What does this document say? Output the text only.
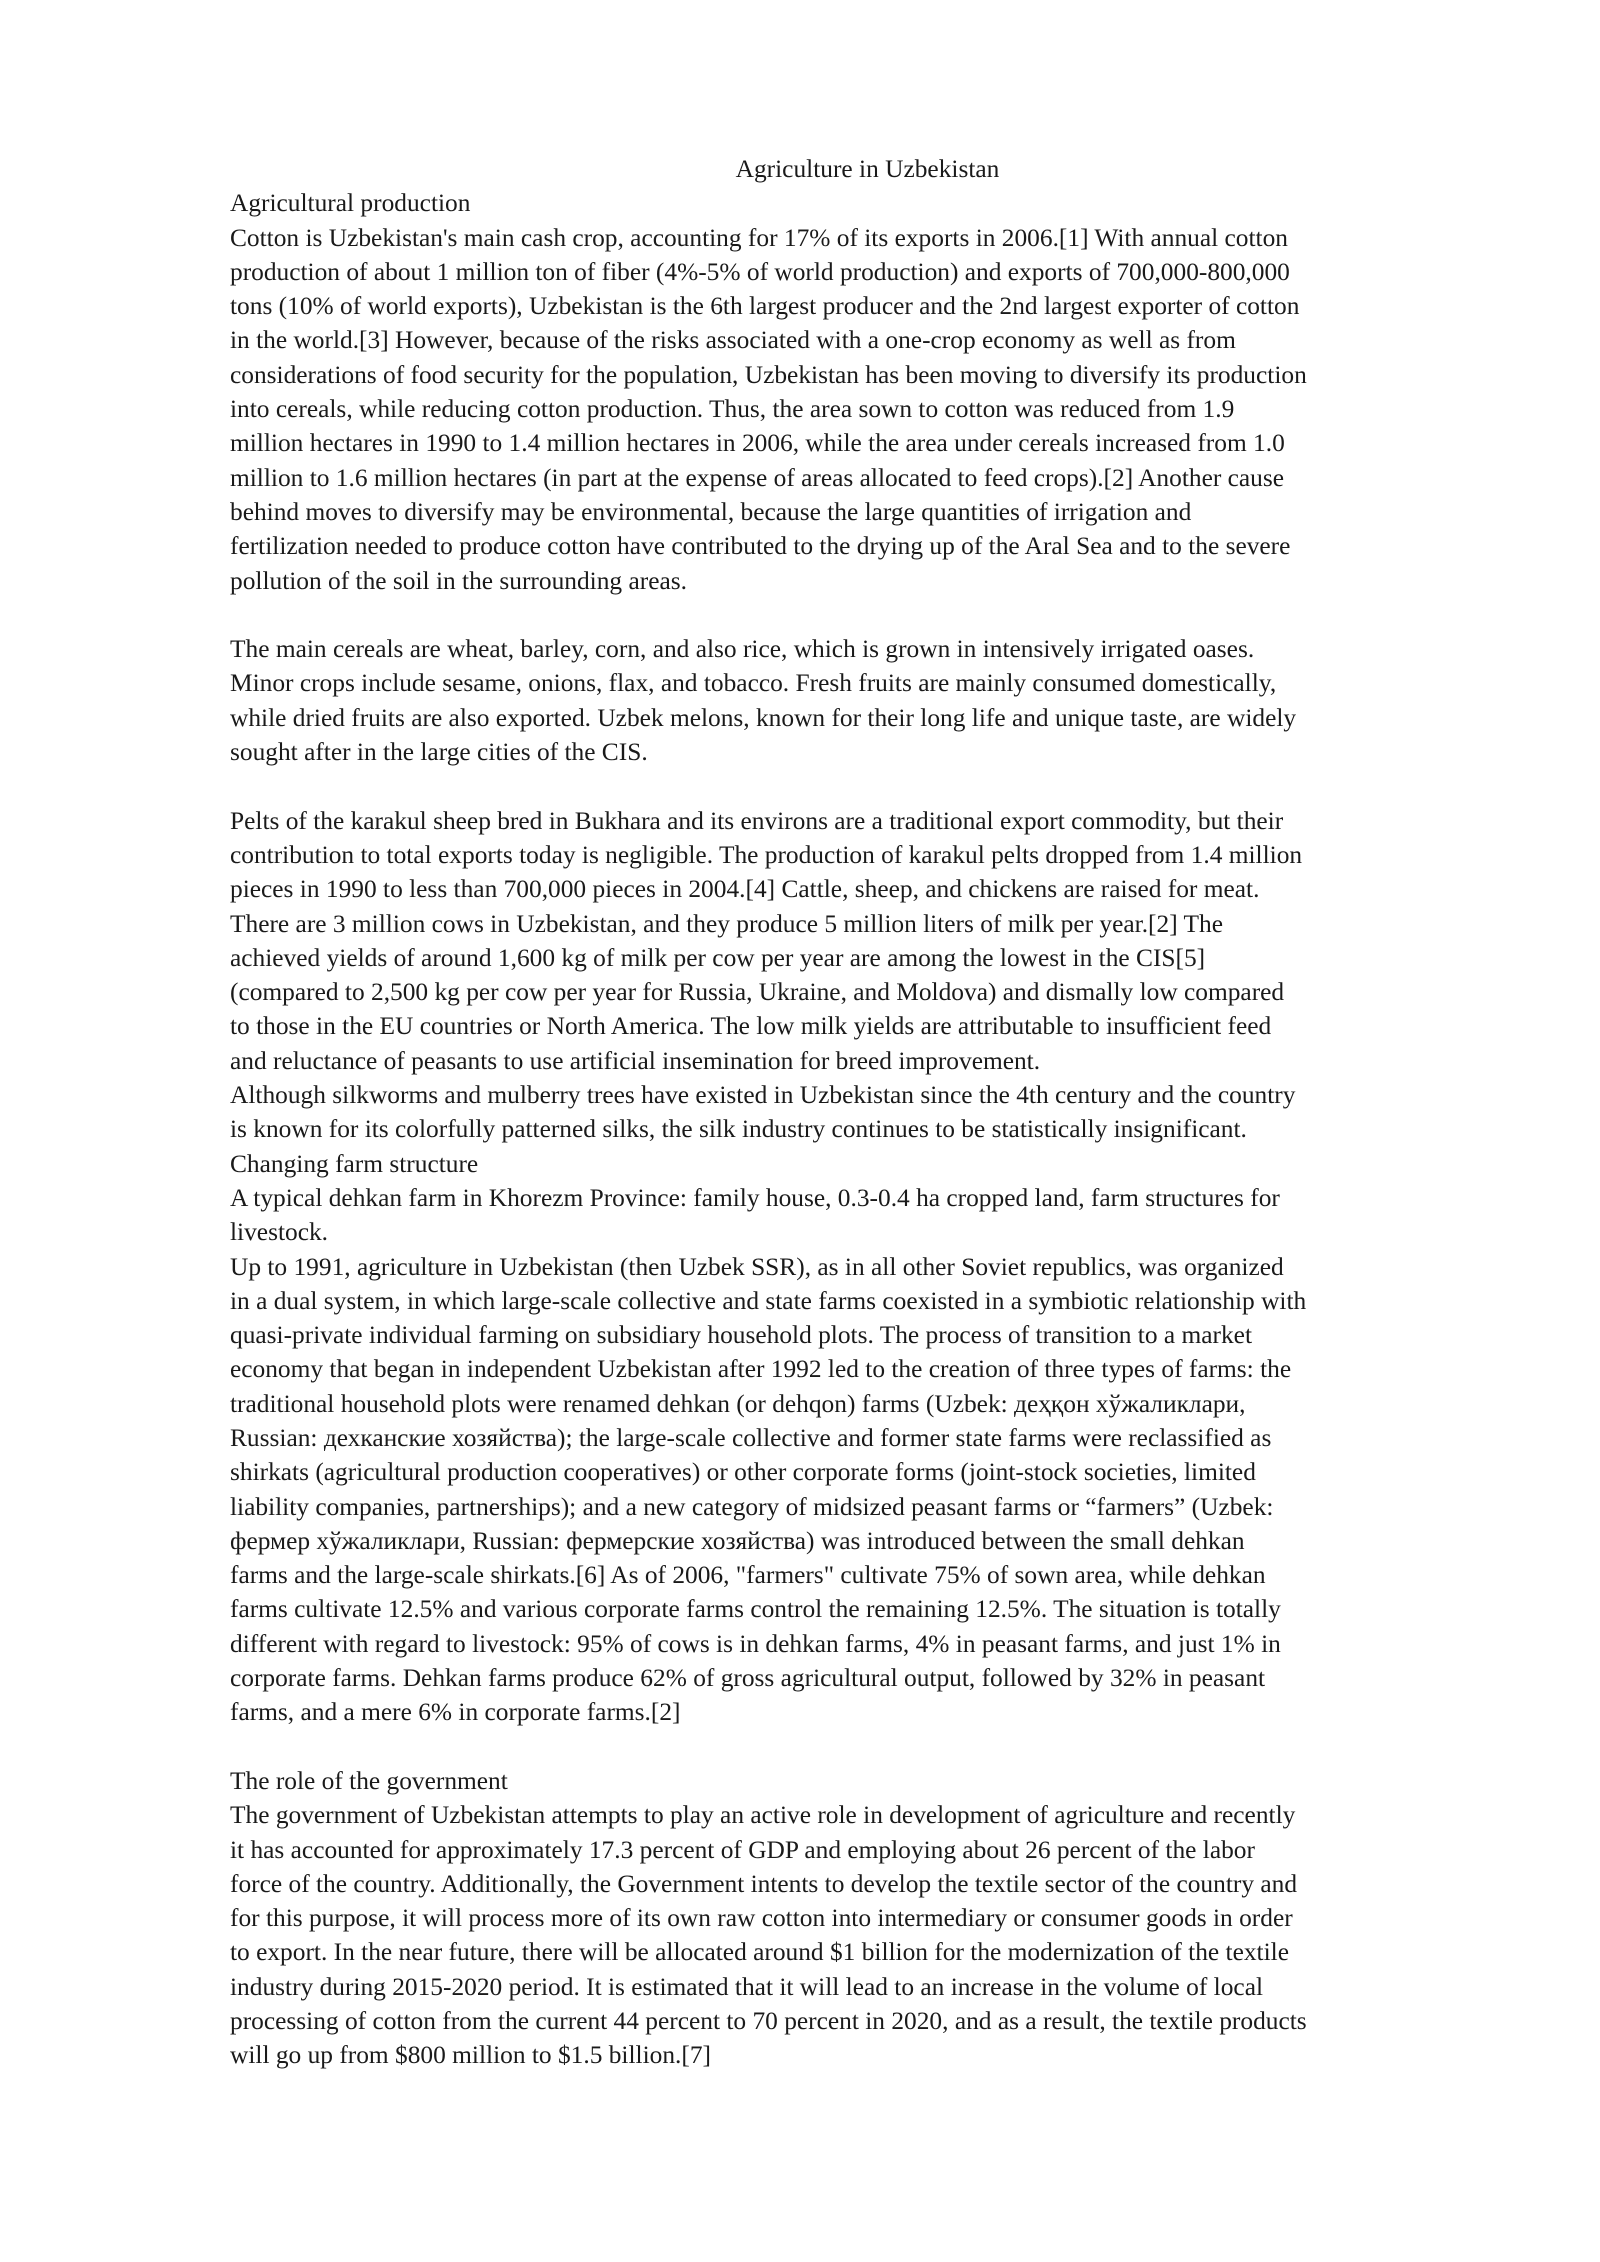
Agriculture in Uzbekistan

Agricultural production

Cotton is Uzbekistan's main cash crop, accounting for 17% of its exports in 2006.[1] With annual cotton

production of about 1 million ton of fiber (4%-5% of world production) and exports of 700,000-800,000

tons (10% of world exports), Uzbekistan is the 6th largest producer and the 2nd largest exporter of cotton

in the world.[3] However, because of the risks associated with a one-crop economy as well as from

considerations of food security for the population, Uzbekistan has been moving to diversify its production

into cereals, while reducing cotton production. Thus, the area sown to cotton was reduced from 1.9

million hectares in 1990 to 1.4 million hectares in 2006, while the area under cereals increased from 1.0

million to 1.6 million hectares (in part at the expense of areas allocated to feed crops).[2] Another cause

behind moves to diversify may be environmental, because the large quantities of irrigation and

fertilization needed to produce cotton have contributed to the drying up of the Aral Sea and to the severe

pollution of the soil in the surrounding areas.

The main cereals are wheat, barley, corn, and also rice, which is grown in intensively irrigated oases.

Minor crops include sesame, onions, flax, and tobacco. Fresh fruits are mainly consumed domestically,

while dried fruits are also exported. Uzbek melons, known for their long life and unique taste, are widely

sought after in the large cities of the CIS.

Pelts of the karakul sheep bred in Bukhara and its environs are a traditional export commodity, but their

contribution to total exports today is negligible. The production of karakul pelts dropped from 1.4 million

pieces in 1990 to less than 700,000 pieces in 2004.[4] Cattle, sheep, and chickens are raised for meat.

There are 3 million cows in Uzbekistan, and they produce 5 million liters of milk per year.[2] The

achieved yields of around 1,600 kg of milk per cow per year are among the lowest in the CIS[5]

(compared to 2,500 kg per cow per year for Russia, Ukraine, and Moldova) and dismally low compared

to those in the EU countries or North America. The low milk yields are attributable to insufficient feed

and reluctance of peasants to use artificial insemination for breed improvement.

Although silkworms and mulberry trees have existed in Uzbekistan since the 4th century and the country

is known for its colorfully patterned silks, the silk industry continues to be statistically insignificant.

Changing farm structure

A typical dehkan farm in Khorezm Province: family house, 0.3-0.4 ha cropped land, farm structures for

livestock.

Up to 1991, agriculture in Uzbekistan (then Uzbek SSR), as in all other Soviet republics, was organized

in a dual system, in which large-scale collective and state farms coexisted in a symbiotic relationship with

quasi-private individual farming on subsidiary household plots. The process of transition to a market

economy that began in independent Uzbekistan after 1992 led to the creation of three types of farms: the

traditional household plots were renamed dehkan (or dehqon) farms (Uzbek: деҳқон хўжаликлари,

Russian: дехканские хозяйства); the large-scale collective and former state farms were reclassified as

shirkats (agricultural production cooperatives) or other corporate forms (joint-stock societies, limited

liability companies, partnerships); and a new category of midsized peasant farms or “farmers” (Uzbek:

фермер хўжаликлари, Russian: фермерские хозяйства) was introduced between the small dehkan

farms and the large-scale shirkats.[6] As of 2006, "farmers" cultivate 75% of sown area, while dehkan

farms cultivate 12.5% and various corporate farms control the remaining 12.5%. The situation is totally

different with regard to livestock: 95% of cows is in dehkan farms, 4% in peasant farms, and just 1% in

corporate farms. Dehkan farms produce 62% of gross agricultural output, followed by 32% in peasant

farms, and a mere 6% in corporate farms.[2]

The role of the government

The government of Uzbekistan attempts to play an active role in development of agriculture and recently

it has accounted for approximately 17.3 percent of GDP and employing about 26 percent of the labor

force of the country. Additionally, the Government intents to develop the textile sector of the country and

for this purpose, it will process more of its own raw cotton into intermediary or consumer goods in order

to export. In the near future, there will be allocated around $1 billion for the modernization of the textile

industry during 2015-2020 period. It is estimated that it will lead to an increase in the volume of local

processing of cotton from the current 44 percent to 70 percent in 2020, and as a result, the textile products

will go up from $800 million to $1.5 billion.[7]
